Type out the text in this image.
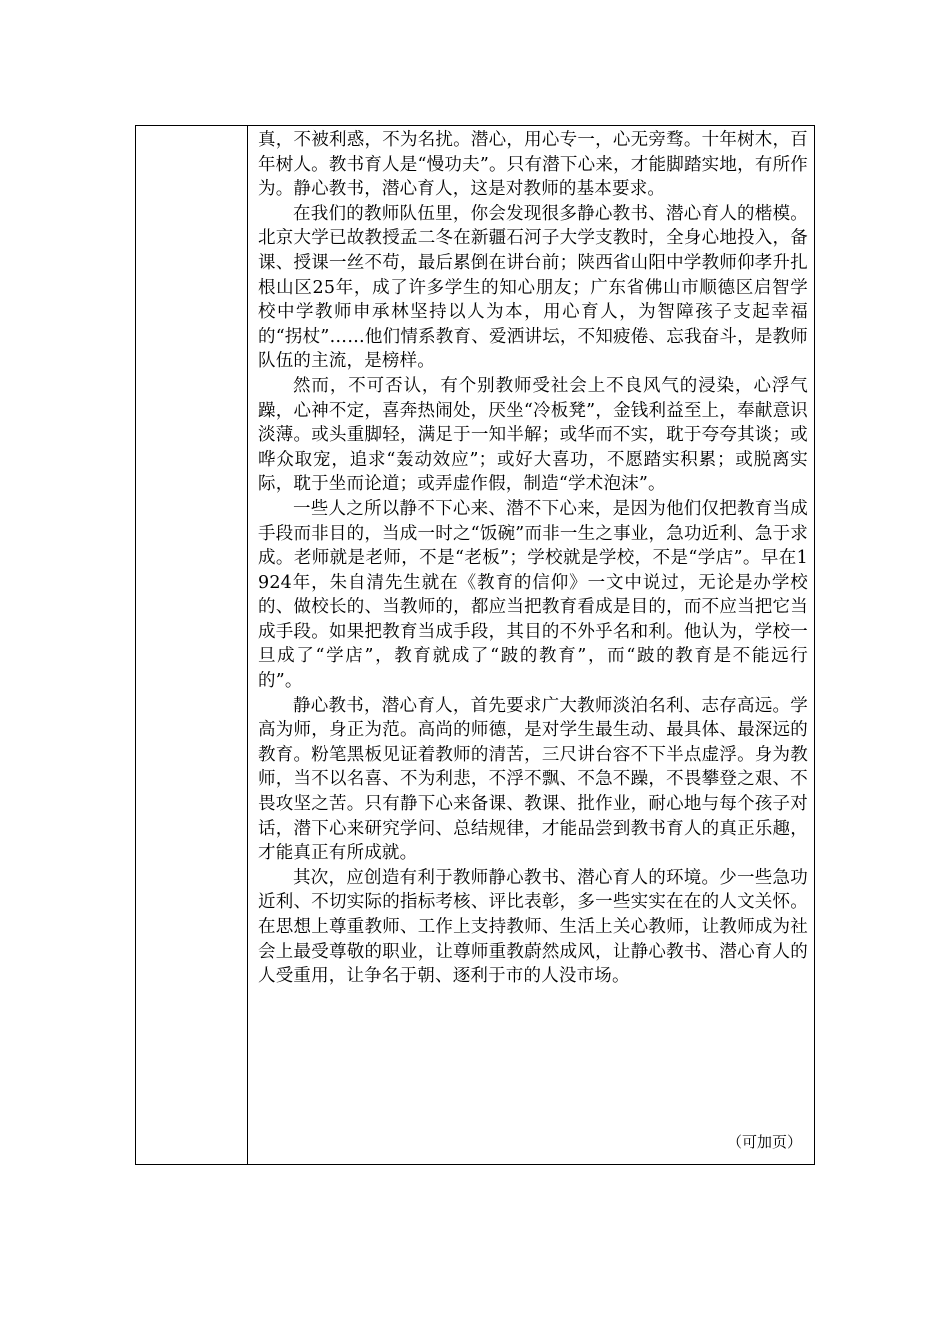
真，不被利惑，不为名扰。潜心，用心专一，心无旁骛。十年树木，百年树人。教书育人是“慢功夫”。只有潜下心来，才能脚踏实地，有所作为。静心教书，潜心育人，这是对教师的基本要求。

在我们的教师队伍里，你会发现很多静心教书、潜心育人的楷模。北京大学已故教授孟二冬在新疆石河子大学支教时，全身心地投入，备课、授课一丝不苟，最后累倒在讲台前；陕西省山阳中学教师仰孝升扎根山区25年，成了许多学生的知心朋友；广东省佛山市顺德区启智学校中学教师申承林坚持以人为本，用心育人，为智障孩子支起幸福的“拐杖”……他们情系教育、爱洒讲坛，不知疲倦、忘我奋斗，是教师队伍的主流，是榜样。

然而，不可否认，有个别教师受社会上不良风气的浸染，心浮气躁，心神不定，喜奔热闹处，厌坐“冷板凳”，金钱利益至上，奉献意识淡薄。或头重脚轻，满足于一知半解；或华而不实，耽于夸夸其谈；或哗众取宠，追求“轰动效应”；或好大喜功，不愿踏实积累；或脱离实际，耽于坐而论道；或弄虚作假，制造“学术泡沫”。

一些人之所以静不下心来、潜不下心来，是因为他们仅把教育当成手段而非目的，当成一时之“饭碗”而非一生之事业，急功近利、急于求成。老师就是老师，不是“老板”；学校就是学校，不是“学店”。早在1924年，朱自清先生就在《教育的信仰》一文中说过，无论是办学校的、做校长的、当教师的，都应当把教育看成是目的，而不应当把它当成手段。如果把教育当成手段，其目的不外乎名和利。他认为，学校一旦成了“学店”，教育就成了“跛的教育”，而“跛的教育是不能远行的”。

静心教书，潜心育人，首先要求广大教师淡泊名利、志存高远。学高为师，身正为范。高尚的师德，是对学生最生动、最具体、最深远的教育。粉笔黑板见证着教师的清苦，三尺讲台容不下半点虚浮。身为教师，当不以名喜、不为利悲，不浮不飘、不急不躁，不畏攀登之艰、不畏攻坚之苦。只有静下心来备课、教课、批作业，耐心地与每个孩子对话，潜下心来研究学问、总结规律，才能品尝到教书育人的真正乐趣，才能真正有所成就。

其次，应创造有利于教师静心教书、潜心育人的环境。少一些急功近利、不切实际的指标考核、评比表彰，多一些实实在在的人文关怀。在思想上尊重教师、工作上支持教师、生活上关心教师，让教师成为社会上最受尊敬的职业，让尊师重教蔚然成风，让静心教书、潜心育人的人受重用，让争名于朝、逐利于市的人没市场。

（可加页）
